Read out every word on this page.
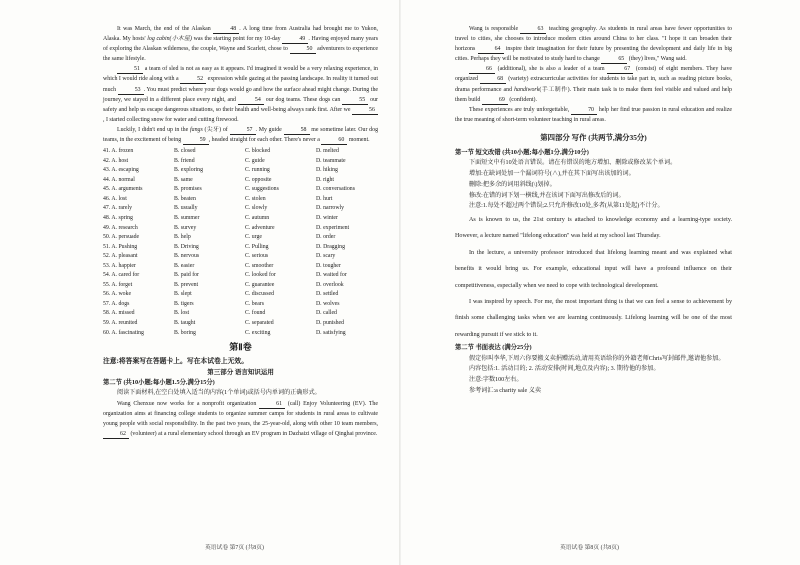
It was March, the end of the Alaskan	48 . A long time from Australia had brought me to Yukon, Alaska. My hosts' log cabin(小木屋) was the starting point for my 10-day	49 . Having enjoyed many years of exploring the Alaskan wilderness, the couple, Wayne and Scarlett, chose to	50 adventurers to experience the same lifestyle.

51 a team of sled is not as easy as it appears. I'd imagined it would be a very relaxing experience, in which I would ride along with a	52 expression while gazing at the passing landscape. In reality it turned out much	53 . You must predict where your dogs would go and how the surface ahead might change. During the journey, we stayed in a different place every night, and	54 our dog teams. These dogs can	55 our safety and help us escape dangerous situations, so their health and well-being always rank first. After we	56, I started collecting snow for water and cutting firewood.

Luckily, I didn't end up in the fangs (尖牙) of	57 . My guide	58 me sometime later. Our dog teams, in the excitement of being	59 , headed straight for each other. There's never a	60 moment.

41. A. frozen	B. closed	C. blocked	D. melted
42. A. host	B. friend	C. guide	D. teammate
43. A. escaping	B. exploring	C. running	D. hiking
44. A. normal	B. same	C. opposite	D. right
45. A. arguments	B. promises	C. suggestions	D. conversations
46. A. lost	B. beaten	C. stolen	D. hurt
47. A. rarely	B. usually	C. slowly	D. narrowly
48. A. spring	B. summer	C. autumn	D. winter
49. A. research	B. survey	C. adventure	D. experiment
50. A. persuade	B. help	C. urge	D. order
51. A. Pushing	B. Driving	C. Pulling	D. Dragging
52. A. pleasant	B. nervous	C. serious	D. scary
53. A. happier	B. easier	C. smoother	D. tougher
54. A. cared for	B. paid for	C. looked for	D. waited for
55. A. forget	B. prevent	C. guarantee	D. overlook
56. A. woke	B. slept	C. discussed	D. settled
57. A. dogs	B. tigers	C. bears	D. wolves
58. A. missed	B. lost	C. found	D. called
59. A. reunited	B. taught	C. separated	D. punished
60. A. fascinating	B. boring	C. exciting	D. satisfying
第Ⅱ卷

注意:将答案写在答题卡上。写在本试卷上无效。

第三部分 语言知识运用

第二节 (共10小题;每小题1.5分,满分15分)

阅读下面材料,在空白处填入适当的内容(1个单词)或括号内单词的正确形式。

Wang Chenxue now works for a nonprofit organization	61 (call) Enjoy Volunteering (EV). The organization aims at financing college students to organize summer camps for students in rural areas to cultivate young people with social responsibility. In the past two years, the 25-year-old, along with other 10 team members, 62 (volunteer) at a rural elementary school through an EV program in Dazhaizi village of Qinghai province.

英语试卷 第7页 (共8页)

Wang is responsible	63 teaching geography. As students in rural areas have fewer opportunities to travel to cities, she chooses to introduce modern cities around China to her class. "I hope it can broaden their horizons	64 inspire their imagination for their future by presenting the development and daily life in big cities. Perhaps they will be motivated to study hard to change	65 (they) lives," Wang said.

66 (additional), she is also a leader of a team	67 (consist) of eight members. They have organized	68 (variety) extracurricular activities for students to take part in, such as reading picture books, drama performance and handiwork(手工制作). Their main task is to make them feel visible and valued and help them build	69 (confident).

These experiences are truly unforgettable,	70 help her find true passion in rural education and realize the true meaning of short-term volunteer teaching in rural areas.

第四部分 写作 (共两节,满分35分)

第一节 短文改错 (共10小题;每小题1分,满分10分)

下面短文中有10处语言错误。请在有错误的地方增加、删除或修改某个单词。

增加:在缺词处加一个漏词符号(∧),并在其下面写出该加的词。

删除:把多余的词用斜线(\)划掉。

修改:在错的词下划一横线,并在该词下面写出修改后的词。

注意:1.每处不超过两个错误;2.只允许修改10处,多者(从第11处起)不计分。

As is known to us, the 21st century is attached to knowledge economy and a learning-type society. However, a lecture named "lifelong education" was held at my school last Thursday.

In the lecture, a university professor introduced that lifelong learning meant and was explained what benefits it would bring us. For example, educational input will have a profound influence on their competitiveness, especially when we need to cope with technological development.

I was inspired by speech. For me, the most important thing is that we can feel a sense to achievement by finish some challenging tasks when we are learning continuously. Lifelong learning will be one of the most rewarding pursuit if we stick to it.

第二节 书面表达 (满分25分)

假定你叫李华,下周六你要搬义卖捐赠活动,请用英语给你的外籍老师Chris写封邮件,邀请他参加。

内容包括:1. 活动目的; 2. 活动安排(时间,地点及内容); 3. 期待他的参加。

注意:字数100左右。

参考词汇:a charity sale 义卖

英语试卷 第8页 (共8页)
